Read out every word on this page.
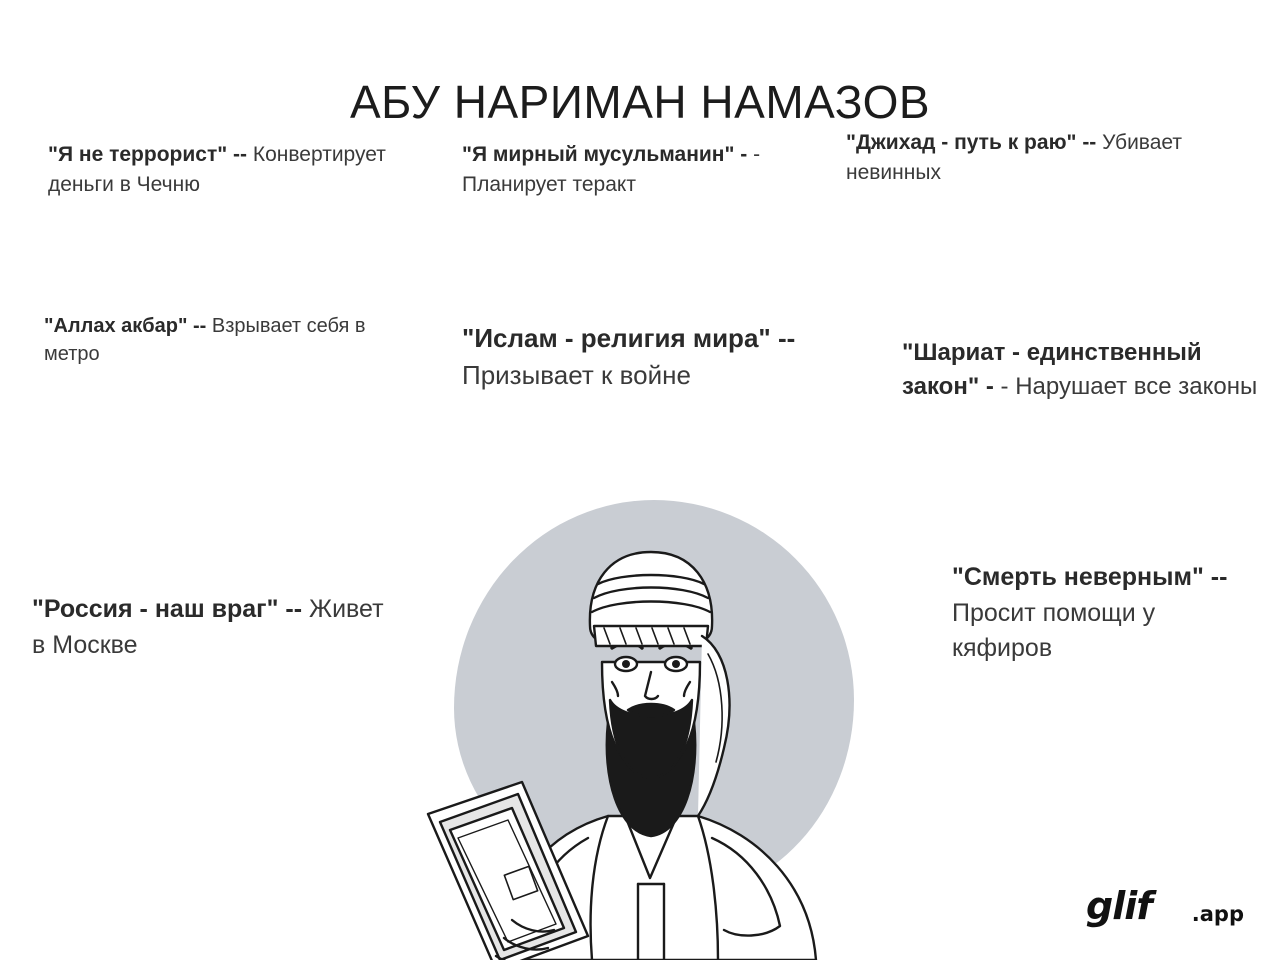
АБУ НАРИМАН НАМАЗОВ
"Я не террорист" -- Конвертирует деньги в Чечню
"Я мирный мусульманин" - - Планирует теракт
"Джихад - путь к раю" -- Убивает невинных
"Аллах акбар" -- Взрывает себя в метро
"Ислам - религия мира" -- Призывает к войне
"Шариат - единственный закон" - - Нарушает все законы
"Россия - наш враг" -- Живет в Москве
"Смерть неверным" -- Просит помощи у кяфиров
glif .app
